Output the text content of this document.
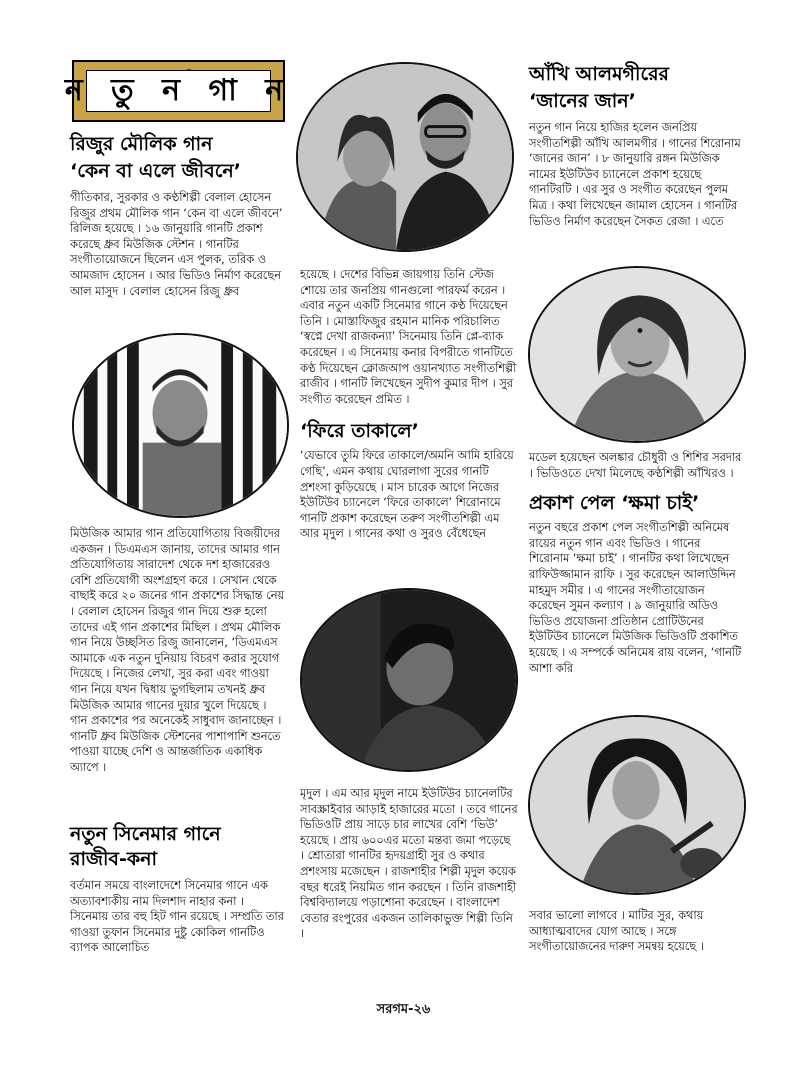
ন তু ন গা ন

রিজুর মৌলিক গান

‘কেন বা এলে জীবনে’

গীতিকার, সুরকার ও কণ্ঠশিল্পী বেলাল হোসেন রিজুর প্রথম মৌলিক গান ‘কেন বা এলে জীবনে’ রিলিজ হয়েছে । ১৬ জানুয়ারি গানটি প্রকাশ করেছে ধ্রুব মিউজিক স্টেশন । গানটির সংগীতায়োজনে ছিলেন এস পুলক, তরিক ও আমজাদ হোসেন । আর ভিডিও নির্মাণ করেছেন আল মাসুদ । বেলাল হোসেন রিজু ধ্রুব

মিউজিক আমার গান প্রতিযোগিতায় বিজয়ীদের একজন । ডিএমএস জানায়, তাদের আমার গান প্রতিযোগিতায় সারাদেশ থেকে দশ হাজারেরও বেশি প্রতিযোগী অংশগ্রহণ করে । সেখান থেকে বাছাই করে ২০ জনের গান প্রকাশের সিদ্ধান্ত নেয় । বেলাল হোসেন রিজুর গান দিয়ে শুরু হলো তাদের এই গান প্রকাশের মিছিল । প্রথম মৌলিক গান নিয়ে উচ্ছসিত রিজু জানালেন, ‘ডিএমএস আমাকে এক নতুন দুনিয়ায় বিচরণ করার সুযোগ দিয়েছে । নিজের লেখা, সুর করা এবং গাওয়া গান নিয়ে যখন দ্বিধায় ভুগছিলাম তখনই ধ্রুব মিউজিক আমার গানের দুয়ার খুলে দিয়েছে । গান প্রকাশের পর অনেকেই সাধুবাদ জানাচ্ছেন । গানটি ধ্রুব মিউজিক স্টেশনের পাশাপাশি শুনতে পাওয়া যাচ্ছে দেশি ও আন্তর্জাতিক একাধিক অ্যাপে ।

নতুন সিনেমার গানে

রাজীব-কনা

বর্তমান সময়ে বাংলাদেশে সিনেমার গানে এক অত্যাবশ্যকীয় নাম দিলশাদ নাহার কনা । সিনেমায় তার বহু হিট গান রয়েছে । সম্প্রতি তার গাওয়া তুফান সিনেমার দুষ্টু কোকিল গানটিও ব্যাপক আলোচিত

হয়েছে । দেশের বিভিন্ন জায়গায় তিনি স্টেজ শোয়ে তার জনপ্রিয় গানগুলো পারফর্ম করেন । এবার নতুন একটি সিনেমার গানে কণ্ঠ দিয়েছেন তিনি । মোস্তাফিজুর রহমান মানিক পরিচালিত ‘স্বপ্নে দেখা রাজকন্যা’ সিনেমায় তিনি প্লে-ব্যাক করেছেন । এ সিনেমায় কনার বিপরীতে গানটিতে কণ্ঠ দিয়েছেন ক্লোজআপ ওয়ানখ্যাত সংগীতশিল্পী রাজীব । গানটি লিখেছেন সুদীপ কুমার দীপ । সুর সংগীত করেছেন প্রমিত ।

‘ফিরে তাকালে’

‘যেভাবে তুমি ফিরে তাকালে/অমনি আমি হারিয়ে গেছি’, এমন কথায় ঘোরলাগা সুরের গানটি প্রশংসা কুড়িয়েছে । মাস চারেক আগে নিজের ইউটিউব চ্যানেলে ‘ফিরে তাকালে’ শিরোনামে গানটি প্রকাশ করেছেন তরুণ সংগীতশিল্পী এম আর মৃদুল । গানের কথা ও সুরও বেঁধেছেন

মৃদুল । এম আর মৃদুল নামে ইউটিউব চ্যানেলটির সাবস্ক্রাইবার আড়াই হাজারের মতো । তবে গানের ভিডিওটি প্রায় সাড়ে চার লাখের বেশি ‘ভিউ’ হয়েছে । প্রায় ৬০০এর মতো মন্তব্য জমা পড়েছে । শ্রোতারা গানটির হৃদয়গ্রাহী সুর ও কথার প্রশংসায় মজেছেন । রাজশাহীর শিল্পী মৃদুল কয়েক বছর ধরেই নিয়মিত গান করছেন । তিনি রাজশাহী বিশ্ববিদ্যালয়ে পড়াশোনা করেছেন । বাংলাদেশ বেতার রংপুরের একজন তালিকাভুক্ত শিল্পী তিনি ।

আঁখি আলমগীরের

‘জানের জান’

নতুন গান নিয়ে হাজির হলেন জনপ্রিয় সংগীতশিল্পী আঁখি আলমগীর । গানের শিরোনাম ‘জানের জান’ । ৮ জানুয়ারি রঙ্গন মিউজিক নামের ইউটিউব চ্যানেলে প্রকাশ হয়েছে গানটিরটি । এর সুর ও সংগীত করেছেন পুলম মিত্র । কথা লিখেছেন জামাল হোসেন । গানটির ভিডিও নির্মাণ করেছেন সৈকত রেজা । এতে

মডেল হয়েছেন অলঙ্কার চৌধুরী ও শিশির সরদার । ভিডিওতে দেখা মিলেছে কণ্ঠশিল্পী আঁখিরও ।

প্রকাশ পেল ‘ক্ষমা চাই’

নতুন বছরে প্রকাশ পেল সংগীতশিল্পী অনিমেষ রায়ের নতুন গান এবং ভিডিও । গানের শিরোনাম ‘ক্ষমা চাই’ । গানটির কথা লিখেছেন রাফিউজ্জামান রাফি । সুর করেছেন আলাউদ্দিন মাহমুদ সমীর । এ গানের সংগীতায়োজন করেছেন সুমন কল্যাণ । ৯ জানুয়ারি অডিও ভিডিও প্রযোজনা প্রতিষ্ঠান প্রোটিউনের ইউটিউব চ্যানেলে মিউজিক ভিডিওটি প্রকাশিত হয়েছে । এ সম্পর্কে অনিমেষ রায় বলেন, ‘গানটি আশা করি

সবার ভালো লাগবে । মাটির সুর, কথায় আধ্যাত্মবাদের যোগ আছে । সঙ্গে সংগীতায়োজনের দারুণ সমন্বয় হয়েছে ।

সরগম-২৬
